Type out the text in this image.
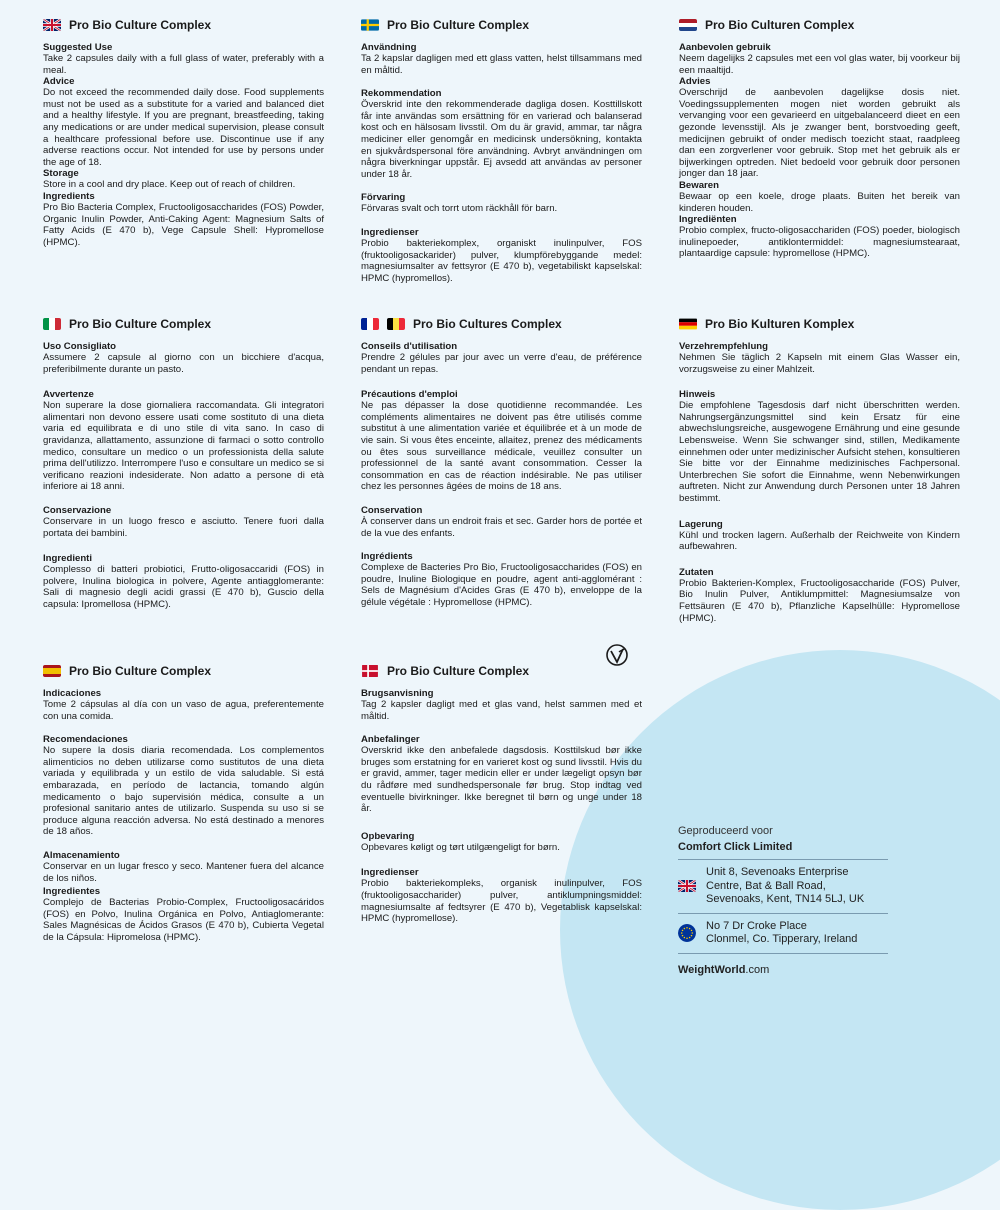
Pro Bio Culture Complex

Suggested Use

Take 2 capsules daily with a full glass of water, preferably with a meal.

Advice

Do not exceed the recommended daily dose. Food supplements must not be used as a substitute for a varied and balanced diet and a healthy lifestyle. If you are pregnant, breastfeeding, taking any medications or are under medical supervision, please consult a healthcare professional before use. Discontinue use if any adverse reactions occur. Not intended for use by persons under the age of 18.

Storage

Store in a cool and dry place. Keep out of reach of children.

Ingredients

Pro Bio Bacteria Complex, Fructooligosaccharides (FOS) Powder, Organic Inulin Powder, Anti-Caking Agent: Magnesium Salts of Fatty Acids (E 470 b), Vege Capsule Shell: Hypromellose (HPMC).

Pro Bio Culture Complex

Användning

Ta 2 kapslar dagligen med ett glass vatten, helst tillsammans med en måltid.

Rekommendation

Överskrid inte den rekommenderade dagliga dosen. Kosttillskott får inte användas som ersättning för en varierad och balanserad kost och en hälsosam livsstil. Om du är gravid, ammar, tar några mediciner eller genomgår en medicinsk undersökning, kontakta en sjukvårdspersonal före användning. Avbryt användningen om några biverkningar uppstår. Ej avsedd att användas av personer under 18 år.

Förvaring

Förvaras svalt och torrt utom räckhåll för barn.

Ingredienser

Probio bakteriekomplex, organiskt inulinpulver, FOS (fruktooligosackarider) pulver, klumpförebyggande medel: magnesiumsalter av fettsyror (E 470 b), vegetabiliskt kapselskal: HPMC (hypromellos).

Pro Bio Culturen Complex

Aanbevolen gebruik

Neem dagelijks 2 capsules met een vol glas water, bij voorkeur bij een maaltijd.

Advies

Overschrijd de aanbevolen dagelijkse dosis niet. Voedingssupplementen mogen niet worden gebruikt als vervanging voor een gevarieerd en uitgebalanceerd dieet en een gezonde levensstijl. Als je zwanger bent, borstvoeding geeft, medicijnen gebruikt of onder medisch toezicht staat, raadpleeg dan een zorgverlener voor gebruik. Stop met het gebruik als er bijwerkingen optreden. Niet bedoeld voor gebruik door personen jonger dan 18 jaar.

Bewaren

Bewaar op een koele, droge plaats. Buiten het bereik van kinderen houden.

Ingrediënten

Probio complex, fructo-oligosacchariden (FOS) poeder, biologisch inulinepoeder, antiklontermiddel: magnesiumstearaat, plantaardige capsule: hypromellose (HPMC).

Pro Bio Culture Complex

Uso Consigliato

Assumere 2 capsule al giorno con un bicchiere d'acqua, preferibilmente durante un pasto.

Avvertenze

Non superare la dose giornaliera raccomandata. Gli integratori alimentari non devono essere usati come sostituto di una dieta varia ed equilibrata e di uno stile di vita sano. In caso di gravidanza, allattamento, assunzione di farmaci o sotto controllo medico, consultare un medico o un professionista della salute prima dell'utilizzo. Interrompere l'uso e consultare un medico se si verificano reazioni indesiderate. Non adatto a persone di età inferiore ai 18 anni.

Conservazione

Conservare in un luogo fresco e asciutto. Tenere fuori dalla portata dei bambini.

Ingredienti

Complesso di batteri probiotici, Frutto-oligosaccaridi (FOS) in polvere, Inulina biologica in polvere, Agente antiagglomerante: Sali di magnesio degli acidi grassi (E 470 b), Guscio della capsula: Ipromellosa (HPMC).

Pro Bio Cultures Complex

Conseils d'utilisation

Prendre 2 gélules par jour avec un verre d'eau, de préférence pendant un repas.

Précautions d'emploi

Ne pas dépasser la dose quotidienne recommandée. Les compléments alimentaires ne doivent pas être utilisés comme substitut à une alimentation variée et équilibrée et à un mode de vie sain. Si vous êtes enceinte, allaitez, prenez des médicaments ou êtes sous surveillance médicale, veuillez consulter un professionnel de la santé avant consommation. Cesser la consommation en cas de réaction indésirable. Ne pas utiliser chez les personnes âgées de moins de 18 ans.

Conservation

À conserver dans un endroit frais et sec. Garder hors de portée et de la vue des enfants.

Ingrédients

Complexe de Bacteries Pro Bio, Fructooligosaccharides (FOS) en poudre, Inuline Biologique en poudre, agent anti-agglomérant : Sels de Magnésium d'Acides Gras (E 470 b), enveloppe de la gélule végétale : Hypromellose (HPMC).

Pro Bio Kulturen Komplex

Verzehrempfehlung

Nehmen Sie täglich 2 Kapseln mit einem Glas Wasser ein, vorzugsweise zu einer Mahlzeit.

Hinweis

Die empfohlene Tagesdosis darf nicht überschritten werden. Nahrungsergänzungsmittel sind kein Ersatz für eine abwechslungsreiche, ausgewogene Ernährung und eine gesunde Lebensweise. Wenn Sie schwanger sind, stillen, Medikamente einnehmen oder unter medizinischer Aufsicht stehen, konsultieren Sie bitte vor der Einnahme medizinisches Fachpersonal. Unterbrechen Sie sofort die Einnahme, wenn Nebenwirkungen auftreten. Nicht zur Anwendung durch Personen unter 18 Jahren bestimmt.

Lagerung

Kühl und trocken lagern. Außerhalb der Reichweite von Kindern aufbewahren.

Zutaten

Probio Bakterien-Komplex, Fructooligosaccharide (FOS) Pulver, Bio Inulin Pulver, Antiklumpmittel: Magnesiumsalze von Fettsäuren (E 470 b), Pflanzliche Kapselhülle: Hypromellose (HPMC).

Pro Bio Culture Complex

Indicaciones

Tome 2 cápsulas al día con un vaso de agua, preferentemente con una comida.

Recomendaciones

No supere la dosis diaria recomendada. Los complementos alimenticios no deben utilizarse como sustitutos de una dieta variada y equilibrada y un estilo de vida saludable. Si está embarazada, en período de lactancia, tomando algún medicamento o bajo supervisión médica, consulte a un profesional sanitario antes de utilizarlo. Suspenda su uso si se produce alguna reacción adversa. No está destinado a menores de 18 años.

Almacenamiento

Conservar en un lugar fresco y seco. Mantener fuera del alcance de los niños.

Ingredientes

Complejo de Bacterias Probio-Complex, Fructooligosacáridos (FOS) en Polvo, Inulina Orgánica en Polvo, Antiaglomerante: Sales Magnésicas de Ácidos Grasos (E 470 b), Cubierta Vegetal de la Cápsula: Hipromelosa (HPMC).

Pro Bio Culture Complex

Brugsanvisning

Tag 2 kapsler dagligt med et glas vand, helst sammen med et måltid.

Anbefalinger

Overskrid ikke den anbefalede dagsdosis. Kosttilskud bør ikke bruges som erstatning for en varieret kost og sund livsstil. Hvis du er gravid, ammer, tager medicin eller er under lægeligt opsyn bør du rådføre med sundhedspersonale før brug. Stop indtag ved eventuelle bivirkninger. Ikke beregnet til børn og unge under 18 år.

Opbevaring

Opbevares køligt og tørt utilgængeligt for børn.

Ingredienser

Probio bakteriekompleks, organisk inulinpulver, FOS (fruktooligosaccharider) pulver, antiklumpningsmiddel: magnesiumsalte af fedtsyrer (E 470 b), Vegetablisk kapselskal: HPMC (hypromellose).

Geproduceerd voor
Comfort Click Limited
Unit 8, Sevenoaks Enterprise
Centre, Bat & Ball Road,
Sevenoaks, Kent, TN14 5LJ, UK
No 7 Dr Croke Place
Clonmel, Co. Tipperary, Ireland
WeightWorld.com
